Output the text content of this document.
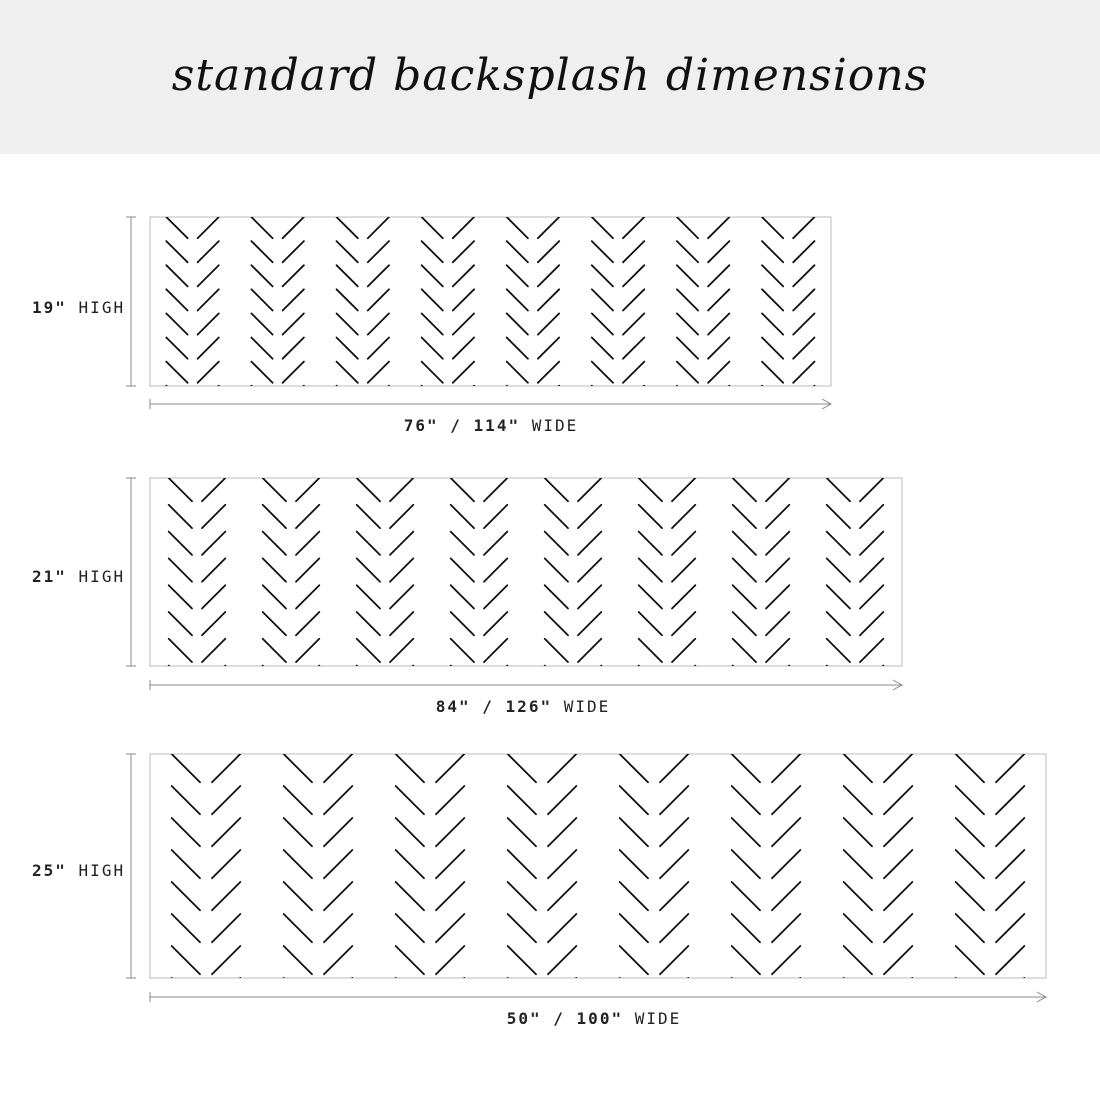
standard backsplash dimensions
19" HIGH
21" HIGH
25" HIGH
76" / 114" WIDE
84" / 126" WIDE
50" / 100" WIDE
